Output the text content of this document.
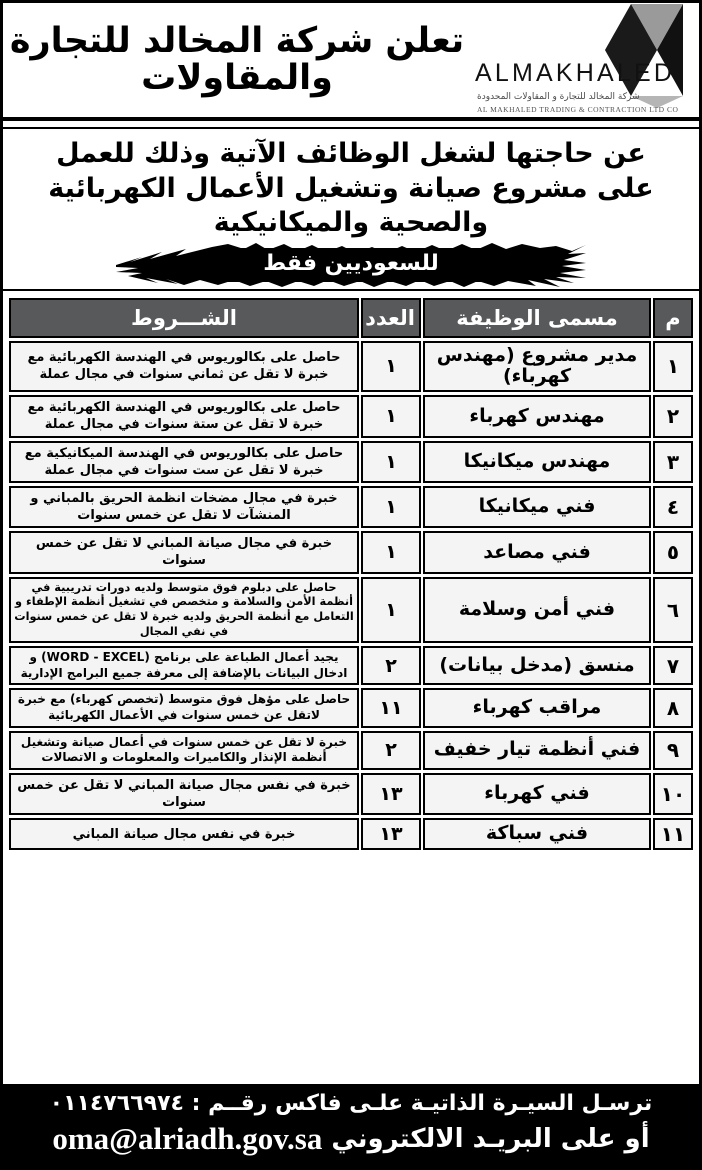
تعلن شركة المخالد للتجارة والمقاولات	ALMAKHALED
شركة المخالد للتجارة و المقاولات المحدودة
AL MAKHALED TRADING & CONTRACTION LTD CO
عن حاجتها لشغل الوظائف الآتية وذلك للعمل
على مشروع صيانة وتشغيل الأعمال الكهربائية والصحية والميكانيكية
للسعوديين فقط
م	مسمى الوظيفة	العدد	الشـــروط
١	مدير مشروع (مهندس كهرباء)	١	حاصل على بكالوريوس في الهندسة الكهربائية مع خبرة لا تقل عن ثماني سنوات في مجال عملة
٢	مهندس كهرباء	١	حاصل على بكالوريوس في الهندسة الكهربائية مع خبرة لا تقل عن ستة سنوات في مجال عملة
٣	مهندس ميكانيكا	١	حاصل على بكالوريوس في الهندسة الميكانيكية مع خبرة لا تقل عن ست سنوات في مجال عملة
٤	فني ميكانيكا	١	خبرة في مجال مضخات انظمة الحريق بالمباني و المنشآت لا تقل عن خمس سنوات
٥	فني مصاعد	١	خبرة في مجال صيانة المباني لا تقل عن خمس سنوات
٦	فني أمن وسلامة	١	حاصل على دبلوم فوق متوسط ولديه دورات تدريبية في أنظمة الأمن والسلامة و متخصص في تشغيل أنظمة الإطفاء و التعامل مع أنظمة الحريق ولديه خبرة لا تقل عن خمس سنوات في نفي المجال
٧	منسق (مدخل بيانات)	٢	يجيد أعمال الطباعة على برنامج (WORD - EXCEL) و ادخال البيانات بالإضافة إلى معرفة جميع البرامج الإدارية
٨	مراقب كهرباء	١١	حاصل على مؤهل فوق متوسط (تخصص كهرباء) مع خبرة لاتقل عن خمس سنوات في الأعمال الكهربائية
٩	فني أنظمة تيار خفيف	٢	خبرة لا تقل عن خمس سنوات في أعمال صيانة وتشغيل أنظمة الإنذار والكاميرات والمعلومات و الاتصالات
١٠	فني كهرباء	١٣	خبرة في نفس مجال صيانة المباني لا تقل عن خمس سنوات
١١	فني سباكة	١٣	خبرة في نفس مجال صيانة المباني
ترسـل السيـرة الذاتيـة علـى فاكس رقــم : ٠١١٤٧٦٦٩٧٤
أو على البريـد الالكتروني oma@alriadh.gov.sa
